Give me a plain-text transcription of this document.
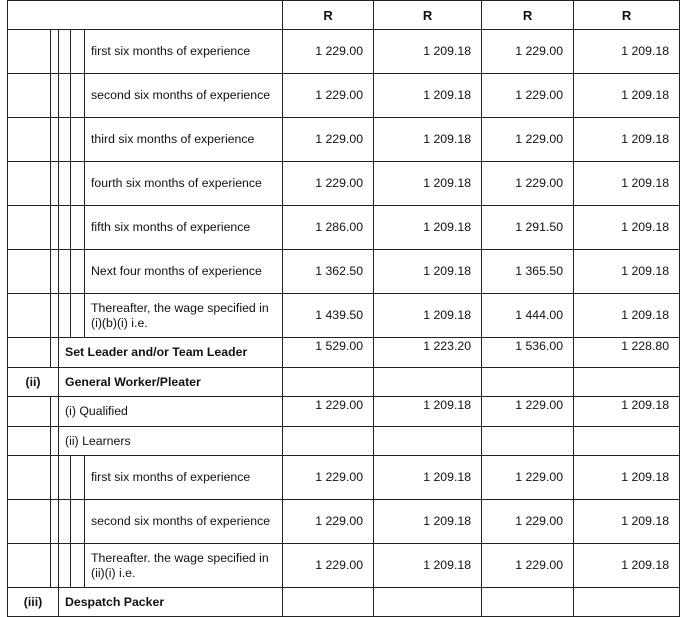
					R	R	R	R
				first six months of experience	1 229.00	1 209.18	1 229.00	1 209.18
				second six months of experience	1 229.00	1 209.18	1 229.00	1 209.18
				third six months of experience	1 229.00	1 209.18	1 229.00	1 209.18
				fourth six months of experience	1 229.00	1 209.18	1 229.00	1 209.18
				fifth six months of experience	1 286.00	1 209.18	1 291.50	1 209.18
				Next four months of experience	1 362.50	1 209.18	1 365.50	1 209.18
				Thereafter, the wage specified in (i)(b)(i) i.e.	1 439.50	1 209.18	1 444.00	1 209.18
		Set Leader and/or Team Leader			1 529.00	1 223.20	1 536.00	1 228.80
(ii)		General Worker/Pleater						
		(i) Qualified			1 229.00	1 209.18	1 229.00	1 209.18
		(ii) Learners						
				first six months of experience	1 229.00	1 209.18	1 229.00	1 209.18
				second six months of experience	1 229.00	1 209.18	1 229.00	1 209.18
				Thereafter. the wage specified in (ii)(i) i.e.	1 229.00	1 209.18	1 229.00	1 209.18
(iii)		Despatch Packer						
